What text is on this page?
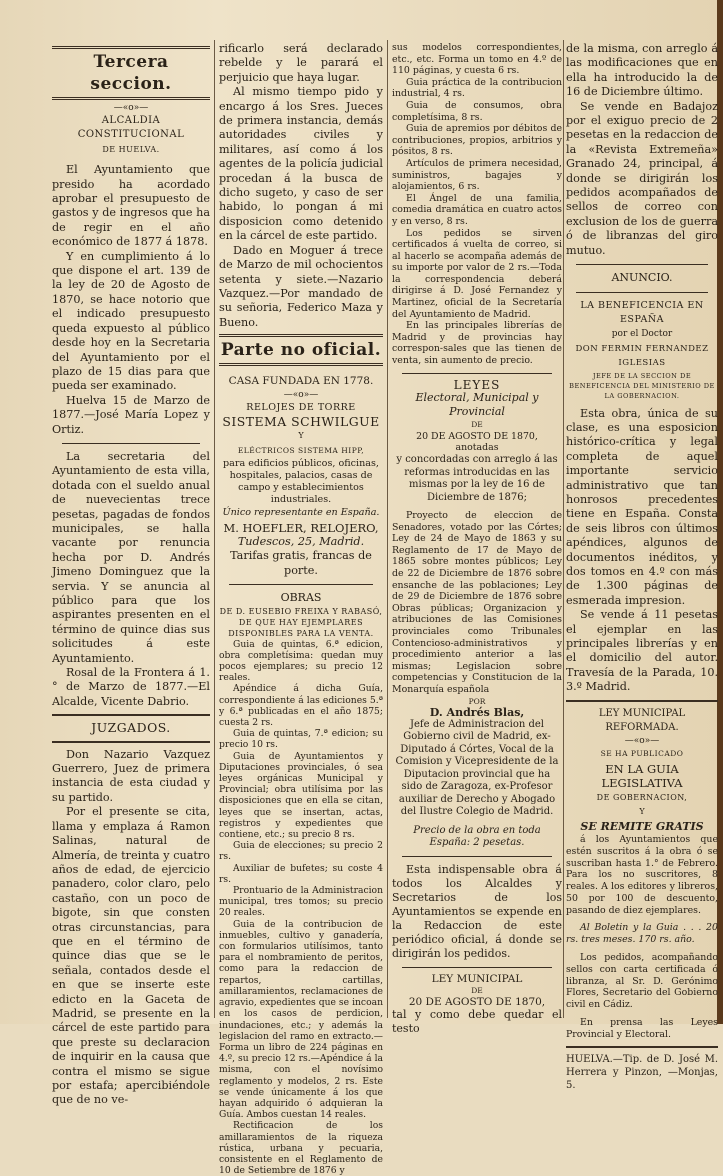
Tercera seccion.
—«o»—
ALCALDIA CONSTITUCIONAL
DE HUELVA.

El Ayuntamiento que presido ha acordado aprobar el presupuesto de gastos y de ingresos que ha de regir en el año económico de 1877 á 1878.

Y en cumplimiento á lo que dispone el art. 139 de la ley de 20 de Agosto de 1870, se hace notorio que el indicado presupuesto queda expuesto al público desde hoy en la Secretaria del Ayuntamiento por el plazo de 15 dias para que pueda ser examinado.

Huelva 15 de Marzo de 1877.—José María Lopez y Ortiz.

La secretaria del Ayuntamiento de esta villa, dotada con el sueldo anual de nuevecientas trece pesetas, pagadas de fondos municipales, se halla vacante por renuncia hecha por D. Andrés Jimeno Dominguez que la servia. Y se anuncia al público para que los aspirantes presenten en el término de quince dias sus solicitudes á este Ayuntamiento.

Rosal de la Frontera á 1.° de Marzo de 1877.—El Alcalde, Vicente Dabrio.

JUZGADOS.

Don Nazario Vazquez Guerrero, Juez de primera instancia de esta ciudad y su partido.

Por el presente se cita, llama y emplaza á Ramon Salinas, natural de Almería, de treinta y cuatro años de edad, de ejercicio panadero, color claro, pelo castaño, con un poco de bigote, sin que consten otras circunstancias, para que en el término de quince dias que se le señala, contados desde el en que se inserte este edicto en la Gaceta de Madrid, se presente en la cárcel de este partido para que preste su declaracion de inquirir en la causa que contra el mismo se sigue por estafa; apercibiéndole que de no ve-

rificarlo será declarado rebelde y le parará el perjuicio que haya lugar.

Al mismo tiempo pido y encargo á los Sres. Jueces de primera instancia, demás autoridades civiles y militares, así como á los agentes de la policía judicial procedan á la busca de dicho sugeto, y caso de ser habido, lo pongan á mi disposicion como detenido en la cárcel de este partido.

Dado en Moguer á trece de Marzo de mil ochocientos setenta y siete.—Nazario Vazquez.—Por mandado de su señoria, Federico Maza y Bueno.

Parte no oficial.
CASA FUNDADA EN 1778.
—«o»—
RELOJES DE TORRE
SISTEMA SCHWILGUE
Y
ELÉCTRICOS SISTEMA HIPP,

para edificios públicos, oficinas, hospitales, palacios, casas de campo y establecimientos industriales.

Único representante en España.
M. HOEFLER, RELOJERO,
Tudescos, 25, Madrid.
Tarifas gratis, francas de porte.
OBRAS
DE D. EUSEBIO FREIXA Y RABASÓ, DE QUE HAY EJEMPLARES DISPONIBLES PARA LA VENTA.

Guia de quintas, 6.ª edicion, obra completísima: quedan muy pocos ejemplares; su precio 12 reales.

Apéndice á dicha Guía, correspondiente á las ediciones 5.ª y 6.ª publicadas en el año 1875; cuesta 2 rs.

Guia de quintas, 7.ª edicion; su precio 10 rs.

Guia de Ayuntamientos y Diputaciones provinciales, ó sea leyes orgánicas Municipal y Provincial; obra utilísima por las disposiciones que en ella se citan, leyes que se insertan, actas, registros y expedientes que contiene, etc.; su precio 8 rs.

Guia de elecciones; su precio 2 rs.

Auxiliar de bufetes; su coste 4 rs.

Prontuario de la Administracion municipal, tres tomos; su precio 20 reales.

Guia de la contribucion de inmuebles, cultivo y ganadería, con formularios utilísimos, tanto para el nombramiento de peritos, como para la redaccion de repartos, cartillas, amillaramientos, reclamaciones de agravio, expedientes que se incoan en los casos de perdicion, inundaciones, etc.; y además la legislacion del ramo en extracto.—Forma un libro de 224 páginas en 4.º, su precio 12 rs.—Apéndice á la misma, con el novísimo reglamento y modelos, 2 rs. Este se vende únicamente á los que hayan adquirido ó adquieran la Guía. Ambos cuestan 14 reales.

Rectificacion de los amillaramientos de la riqueza rústica, urbana y pecuaria, consistente en el Reglamento de 10 de Setiembre de 1876 y

sus modelos correspondientes, etc., etc. Forma un tomo en 4.º de 110 páginas, y cuesta 6 rs.

Guia práctica de la contribucion industrial, 4 rs.

Guia de consumos, obra completísima, 8 rs.

Guia de apremios por débitos de contribuciones, propios, arbitrios y pósitos, 8 rs.

Artículos de primera necesidad, suministros, bagajes y alojamientos, 6 rs.

El Ángel de una familia, comedia dramática en cuatro actos y en verso, 8 rs.

Los pedidos se sirven certificados á vuelta de correo, si al hacerlo se acompaña además de su importe por valor de 2 rs.—Toda la correspondencia deberá dirigirse á D. José Fernandez y Martinez, oficial de la Secretaría del Ayuntamiento de Madrid.

En las principales librerías de Madrid y de provincias hay correspon-sales que las tienen de venta, sin aumento de precio.

LEYES
Electoral, Municipal y Provincial
DE
20 DE AGOSTO DE 1870,
anotadas

y concordadas con arreglo á las reformas introducidas en las mismas por la ley de 16 de Diciembre de 1876;

Proyecto de eleccion de Senadores, votado por las Córtes; Ley de 24 de Mayo de 1863 y su Reglamento de 17 de Mayo de 1865 sobre montes públicos; Ley de 22 de Diciembre de 1876 sobre ensanche de las poblaciones; Ley de 29 de Diciembre de 1876 sobre Obras públicas; Organizacion y atribuciones de las Comisiones provinciales como Tribunales Contencioso-administrativos y procedimiento anterior a las mismas; Legislacion sobre competencias y Constitucion de la Monarquía española

POR
D. Andrés Blas,

Jefe de Administracion del Gobierno civil de Madrid, ex-Diputado á Córtes, Vocal de la Comision y Vicepresidente de la Diputacion provincial que ha sido de Zaragoza, ex-Profesor auxiliar de Derecho y Abogado del Ilustre Colegio de Madrid.

Precio de la obra en toda España: 2 pesetas.

Esta indispensable obra á todos los Alcaldes y Secretarios de los Ayuntamientos se expende en la Redaccion de este periódico oficial, á donde se dirigirán los pedidos.

LEY MUNICIPAL
DE
20 DE AGOSTO DE 1870,

tal y como debe quedar el testo

de la misma, con arreglo á las modificaciones que en ella ha introducido la de 16 de Diciembre último.

Se vende en Badajoz por el exiguo precio de 2 pesetas en la redaccion de la «Revista Extremeña» Granado 24, principal, á donde se dirigirán los pedidos acompañados de sellos de correo con exclusion de los de guerra ó de libranzas del giro mutuo.

ANUNCIO.
LA BENEFICENCIA EN ESPAÑA
por el Doctor
DON FERMIN FERNANDEZ IGLESIAS
JEFE DE LA SECCION DE BENEFICENCIA DEL MINISTERIO DE LA GOBERNACION.

Esta obra, única de su clase, es una esposicion histórico-crítica y legal completa de aquel importante servicio administrativo que tan honrosos precedentes tiene en España. Consta de seis libros con últimos apéndices, algunos de documentos inéditos, y dos tomos en 4.º con más de 1.300 páginas de esmerada impresion.

Se vende á 11 pesetas el ejemplar en las principales librerías y en el domicilio del autor. Travesía de la Parada, 10. 3.º Madrid.

LEY MUNICIPAL REFORMADA.
—«o»—
SE HA PUBLICADO
EN LA GUIA LEGISLATIVA
DE GOBERNACION,
Y
SE REMITE GRATIS

á los Ayuntamientos que estén suscritos á la obra ó se suscriban hasta 1.° de Febrero. Para los no suscritores, 8 reales. A los editores y libreros, 50 por 100 de descuento, pasando de diez ejemplares.

Al Boletin y la Guia . . . 20 rs. tres meses. 170 rs. año.

Los pedidos, acompañando sellos con carta certificada ó libranza, al Sr. D. Gerónimo Flores, Secretario del Gobierno civil en Cádiz.

En prensa las Leyes Provincial y Electoral.

HUELVA.—Tip. de D. José M. Herrera y Pinzon, —Monjas, 5.
